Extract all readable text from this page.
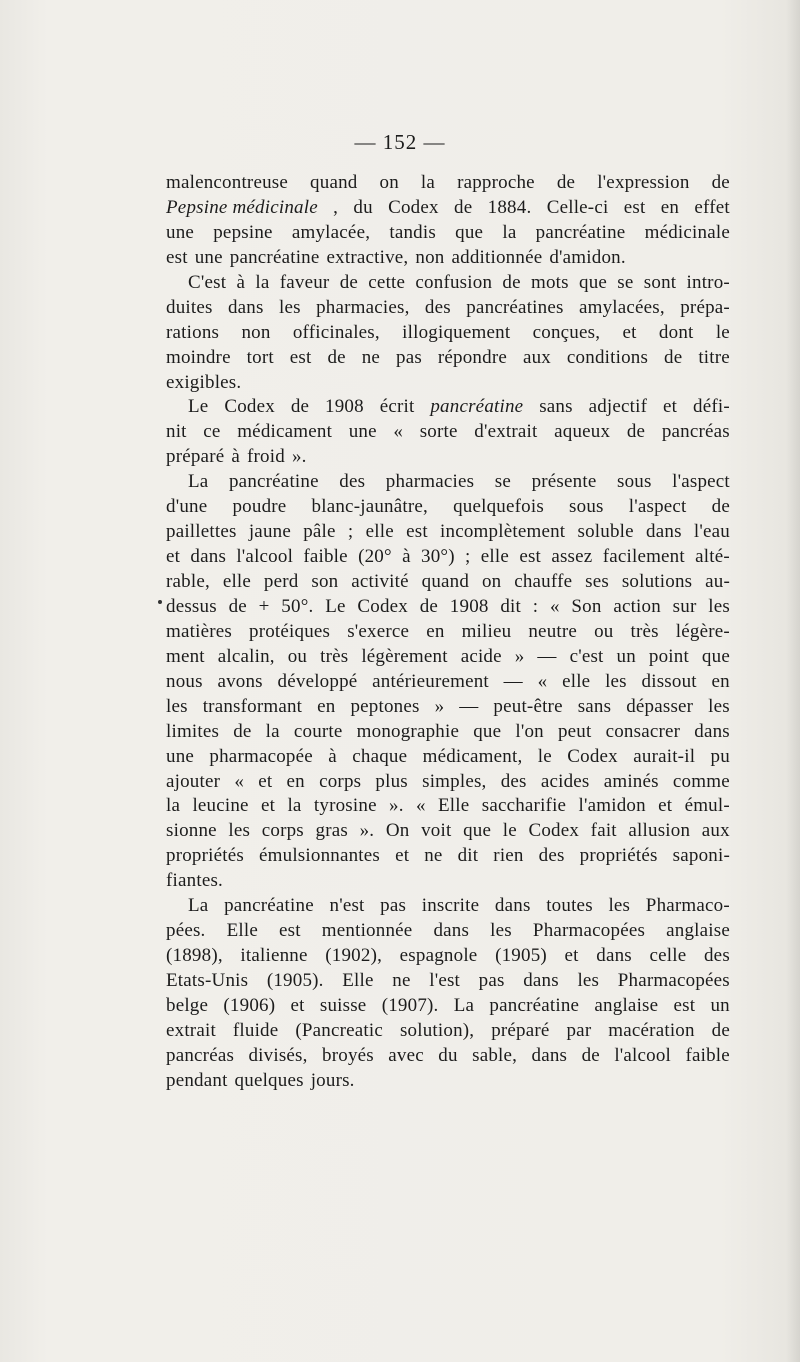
— 152 —
malencontreuse quand on la rapproche de l'expression de
Pepsine médicinale , du Codex de 1884. Celle-ci est en effet
une pepsine amylacée, tandis que la pancréatine médicinale
est une pancréatine extractive, non additionnée d'amidon.
C'est à la faveur de cette confusion de mots que se sont intro-
duites dans les pharmacies, des pancréatines amylacées, prépa-
rations non officinales, illogiquement conçues, et dont le
moindre tort est de ne pas répondre aux conditions de titre
exigibles.
Le Codex de 1908 écrit pancréatine sans adjectif et défi-
nit ce médicament une « sorte d'extrait aqueux de pancréas
préparé à froid ».
La pancréatine des pharmacies se présente sous l'aspect
d'une poudre blanc-jaunâtre, quelquefois sous l'aspect de
paillettes jaune pâle ; elle est incomplètement soluble dans l'eau
et dans l'alcool faible (20° à 30°) ; elle est assez facilement alté-
rable, elle perd son activité quand on chauffe ses solutions au-
dessus de + 50°. Le Codex de 1908 dit : « Son action sur les
matières protéiques s'exerce en milieu neutre ou très légère-
ment alcalin, ou très légèrement acide » — c'est un point que
nous avons développé antérieurement — « elle les dissout en
les transformant en peptones » — peut-être sans dépasser les
limites de la courte monographie que l'on peut consacrer dans
une pharmacopée à chaque médicament, le Codex aurait-il pu
ajouter « et en corps plus simples, des acides aminés comme
la leucine et la tyrosine ». « Elle saccharifie l'amidon et émul-
sionne les corps gras ». On voit que le Codex fait allusion aux
propriétés émulsionnantes et ne dit rien des propriétés saponi-
fiantes.
La pancréatine n'est pas inscrite dans toutes les Pharmaco-
pées. Elle est mentionnée dans les Pharmacopées anglaise
(1898), italienne (1902), espagnole (1905) et dans celle des
Etats-Unis (1905). Elle ne l'est pas dans les Pharmacopées
belge (1906) et suisse (1907). La pancréatine anglaise est un
extrait fluide (Pancreatic solution), préparé par macération de
pancréas divisés, broyés avec du sable, dans de l'alcool faible
pendant quelques jours.
